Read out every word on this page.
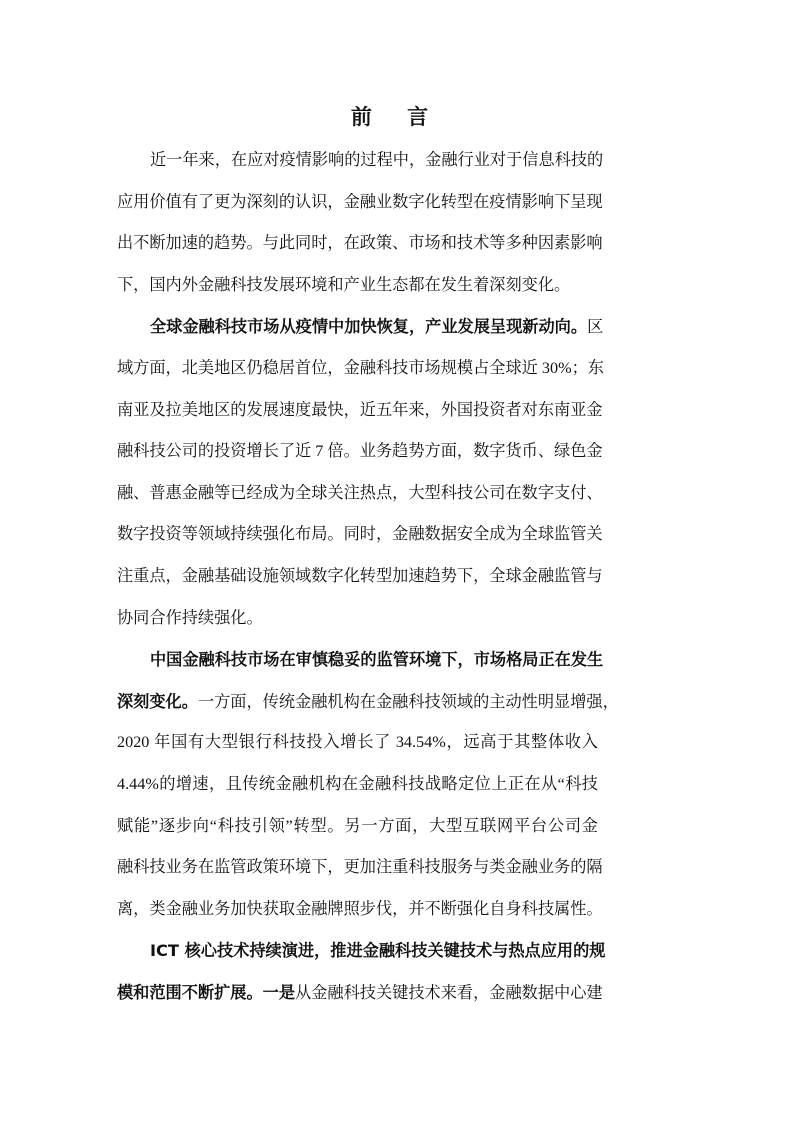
前 言
近一年来，在应对疫情影响的过程中，金融行业对于信息科技的
应用价值有了更为深刻的认识，金融业数字化转型在疫情影响下呈现
出不断加速的趋势。与此同时，在政策、市场和技术等多种因素影响
下，国内外金融科技发展环境和产业生态都在发生着深刻变化。
全球金融科技市场从疫情中加快恢复，产业发展呈现新动向。区
域方面，北美地区仍稳居首位，金融科技市场规模占全球近 30%；东
南亚及拉美地区的发展速度最快，近五年来，外国投资者对东南亚金
融科技公司的投资增长了近 7 倍。业务趋势方面，数字货币、绿色金
融、普惠金融等已经成为全球关注热点，大型科技公司在数字支付、
数字投资等领域持续强化布局。同时，金融数据安全成为全球监管关
注重点，金融基础设施领域数字化转型加速趋势下，全球金融监管与
协同合作持续强化。
中国金融科技市场在审慎稳妥的监管环境下，市场格局正在发生
深刻变化。一方面，传统金融机构在金融科技领域的主动性明显增强，
2020 年国有大型银行科技投入增长了 34.54%，远高于其整体收入
4.44%的增速，且传统金融机构在金融科技战略定位上正在从“科技
赋能”逐步向“科技引领”转型。另一方面，大型互联网平台公司金
融科技业务在监管政策环境下，更加注重科技服务与类金融业务的隔
离，类金融业务加快获取金融牌照步伐，并不断强化自身科技属性。
ICT 核心技术持续演进，推进金融科技关键技术与热点应用的规
模和范围不断扩展。一是从金融科技关键技术来看，金融数据中心建
